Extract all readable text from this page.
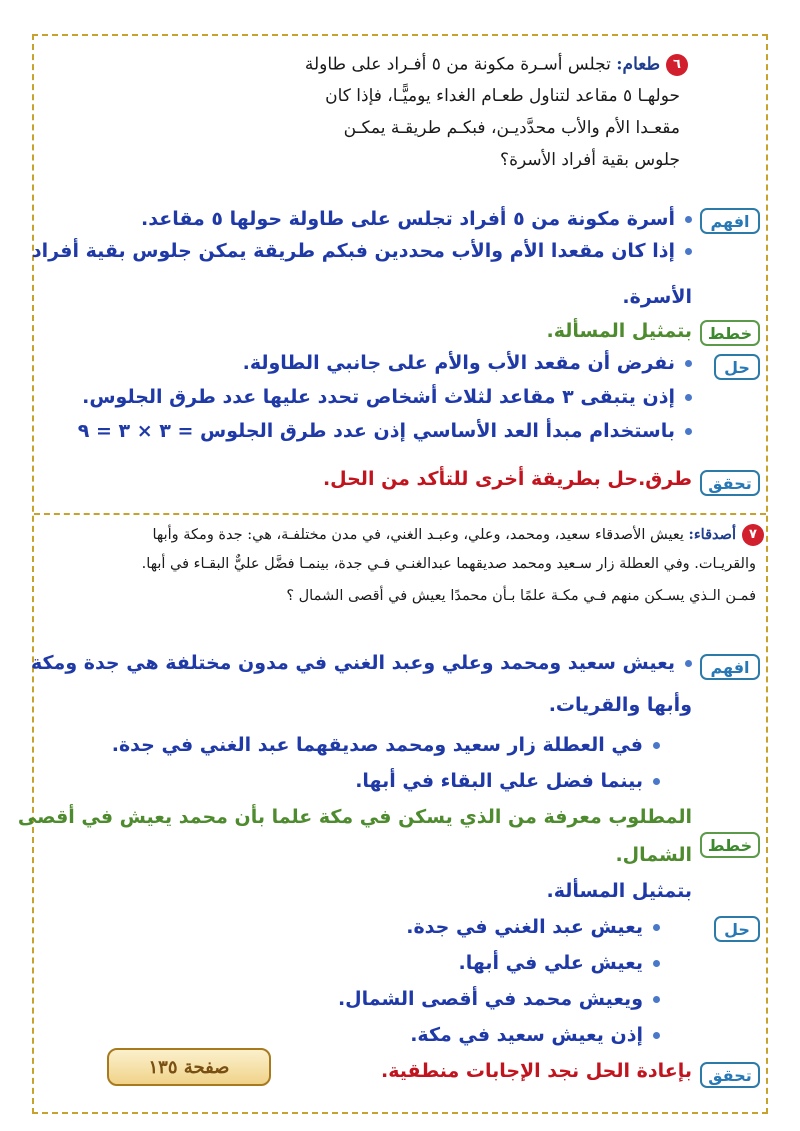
٦طعام: تجلس أسـرة مكونة من ٥ أفـراد على طاولة
حولهـا ٥ مقاعد لتناول طعـام الغداء يوميًّـا، فإذا كان
مقعـدا الأم والأب محدَّديـن، فبكـم طريقـة يمكـن
جلوس بقية أفراد الأسرة؟
افهم
أسرة مكونة من ٥ أفراد تجلس على طاولة حولها ٥ مقاعد.
إذا كان مقعدا الأم والأب محددين فبكم طريقة يمكن جلوس بقية أفراد
الأسرة.
خطط
بتمثيل المسألة.
حل
نفرض أن مقعد الأب والأم على جانبي الطاولة.
إذن يتبقى ٣ مقاعد لثلاث أشخاص تحدد عليها عدد طرق الجلوس.
باستخدام مبدأ العد الأساسي إذن عدد طرق الجلوس = ٣ × ٣ = ٩
تحقق
طرق.حل بطريقة أخرى للتأكد من الحل.
٧أصدقاء: يعيش الأصدقاء سعيد، ومحمد، وعلي، وعبـد الغني، في مدن مختلفـة، هي: جدة ومكة وأبها
والقريـات. وفي العطلة زار سـعيد ومحمد صديقهما عبدالغنـي فـي جدة، بينمـا فضَّل عليٌّ البقـاء في أبها.
فمـن الـذي يسـكن منهم فـي مكـة علمًا بـأن محمدًا يعيش في أقصى الشمال ؟
افهم
يعيش سعيد ومحمد وعلي وعبد الغني في مدون مختلفة هي جدة ومكة
وأبها والقريات.
في العطلة زار سعيد ومحمد صديقهما عبد الغني في جدة.
بينما فضل علي البقاء في أبها.
المطلوب معرفة من الذي يسكن في مكة علما بأن محمد يعيش في أقصى
خطط
الشمال.
بتمثيل المسألة.
حل
يعيش عبد الغني في جدة.
يعيش علي في أبها.
ويعيش محمد في أقصى الشمال.
إذن يعيش سعيد في مكة.
تحقق
بإعادة الحل نجد الإجابات منطقية.
صفحة ١٣٥
